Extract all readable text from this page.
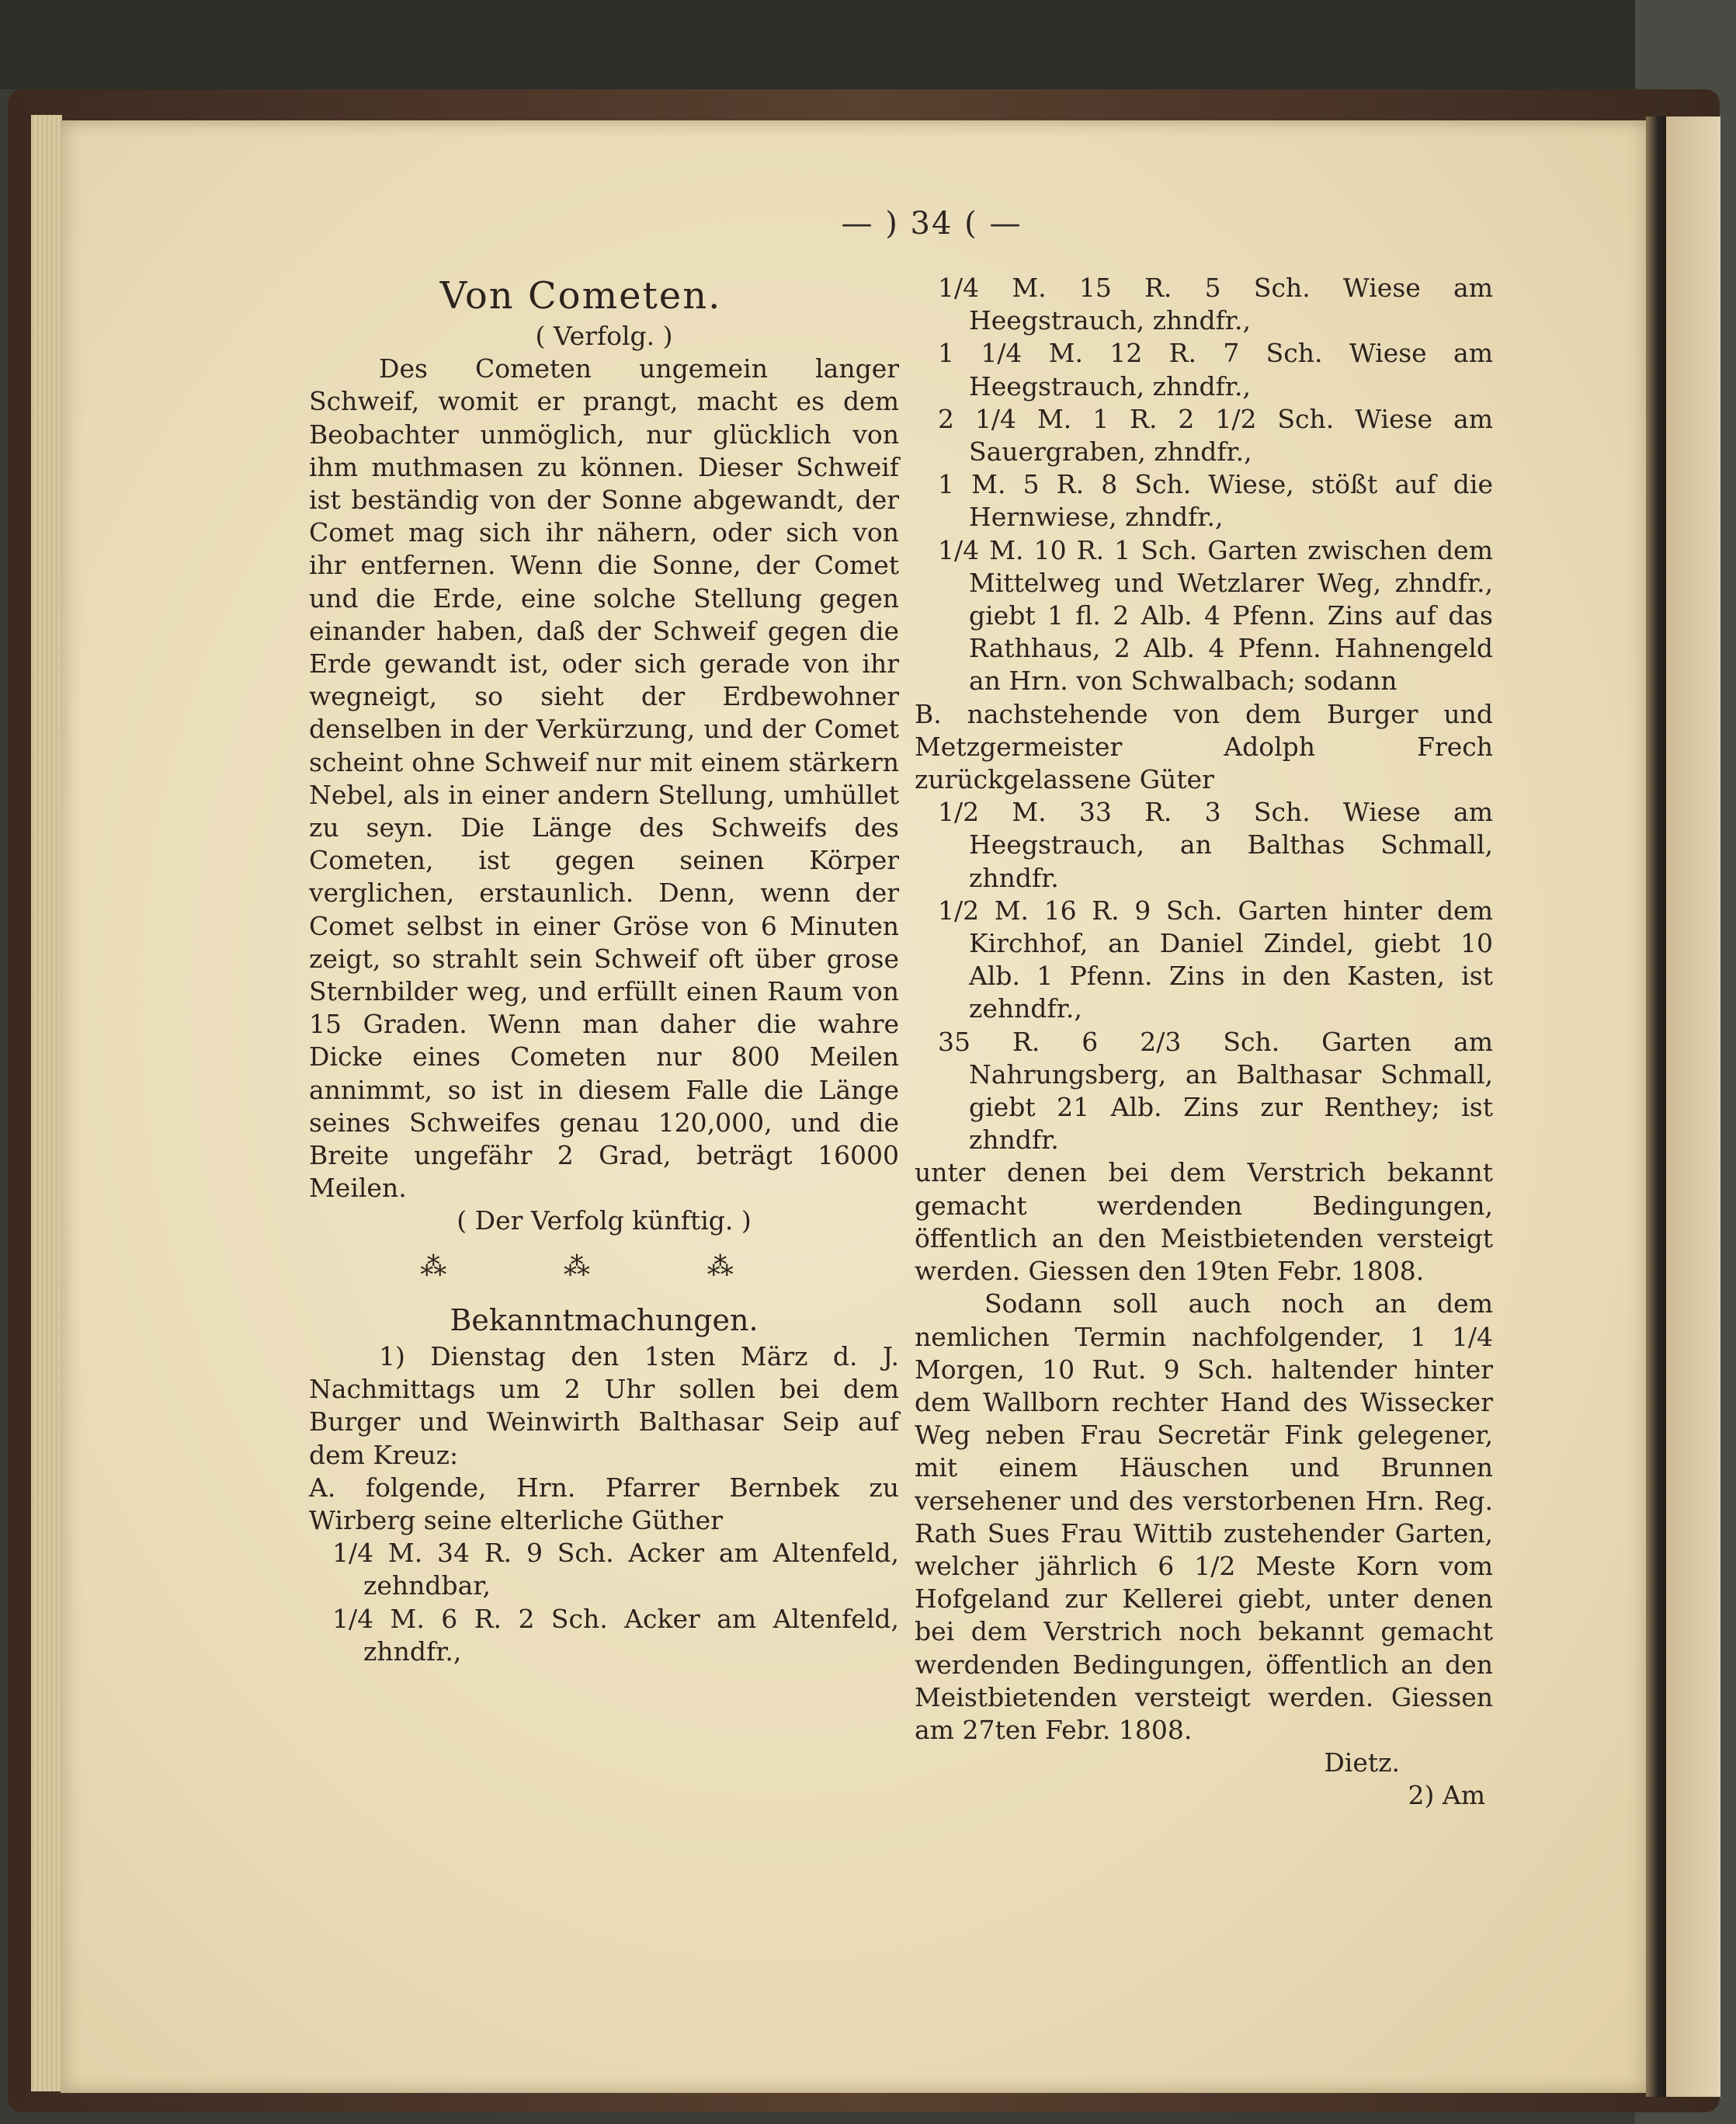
— ) 34 ( —
Von Cometen.
( Verfolg. )

Des Cometen ungemein langer Schweif, womit er prangt, macht es dem Beobachter unmöglich, nur glücklich von ihm muthmasen zu können. Dieser Schweif ist beständig von der Sonne abgewandt, der Comet mag sich ihr nähern, oder sich von ihr entfernen. Wenn die Sonne, der Comet und die Erde, eine solche Stellung gegen einander haben, daß der Schweif gegen die Erde gewandt ist, oder sich gerade von ihr wegneigt, so sieht der Erdbewohner denselben in der Verkürzung, und der Comet scheint ohne Schweif nur mit einem stärkern Nebel, als in einer andern Stellung, umhüllet zu seyn. Die Länge des Schweifs des Cometen, ist gegen seinen Körper verglichen, erstaunlich. Denn, wenn der Comet selbst in einer Gröse von 6 Minuten zeigt, so strahlt sein Schweif oft über grose Sternbilder weg, und erfüllt einen Raum von 15 Graden. Wenn man daher die wahre Dicke eines Cometen nur 800 Meilen annimmt, so ist in diesem Falle die Länge seines Schweifes genau 120,000, und die Breite ungefähr 2 Grad, beträgt 16000 Meilen.

( Der Verfolg künftig. )
⁂ ⁂ ⁂
Bekanntmachungen.

1) Dienstag den 1sten März d. J. Nachmittags um 2 Uhr sollen bei dem Burger und Weinwirth Balthasar Seip auf dem Kreuz:

A. folgende, Hrn. Pfarrer Bernbek zu Wirberg seine elterliche Güther

1/4 M. 34 R. 9 Sch. Acker am Altenfeld, zehndbar,

1/4 M. 6 R. 2 Sch. Acker am Altenfeld, zhndfr.,

1/4 M. 15 R. 5 Sch. Wiese am Heegstrauch, zhndfr.,

1 1/4 M. 12 R. 7 Sch. Wiese am Heegstrauch, zhndfr.,

2 1/4 M. 1 R. 2 1/2 Sch. Wiese am Sauergraben, zhndfr.,

1 M. 5 R. 8 Sch. Wiese, stößt auf die Hernwiese, zhndfr.,

1/4 M. 10 R. 1 Sch. Garten zwischen dem Mittelweg und Wetzlarer Weg, zhndfr., giebt 1 fl. 2 Alb. 4 Pfenn. Zins auf das Rathhaus, 2 Alb. 4 Pfenn. Hahnengeld an Hrn. von Schwalbach; sodann

B. nachstehende von dem Burger und Metzgermeister Adolph Frech zurückgelassene Güter

1/2 M. 33 R. 3 Sch. Wiese am Heegstrauch, an Balthas Schmall, zhndfr.

1/2 M. 16 R. 9 Sch. Garten hinter dem Kirchhof, an Daniel Zindel, giebt 10 Alb. 1 Pfenn. Zins in den Kasten, ist zehndfr.,

35 R. 6 2/3 Sch. Garten am Nahrungsberg, an Balthasar Schmall, giebt 21 Alb. Zins zur Renthey; ist zhndfr.

unter denen bei dem Verstrich bekannt gemacht werdenden Bedingungen, öffentlich an den Meistbietenden versteigt werden. Giessen den 19ten Febr. 1808.

Sodann soll auch noch an dem nemlichen Termin nachfolgender, 1 1/4 Morgen, 10 Rut. 9 Sch. haltender hinter dem Wallborn rechter Hand des Wissecker Weg neben Frau Secretär Fink gelegener, mit einem Häuschen und Brunnen versehener und des verstorbenen Hrn. Reg. Rath Sues Frau Wittib zustehender Garten, welcher jährlich 6 1/2 Meste Korn vom Hofgeland zur Kellerei giebt, unter denen bei dem Verstrich noch bekannt gemacht werdenden Bedingungen, öffentlich an den Meistbietenden versteigt werden. Giessen am 27ten Febr. 1808.

Dietz.
2) Am
